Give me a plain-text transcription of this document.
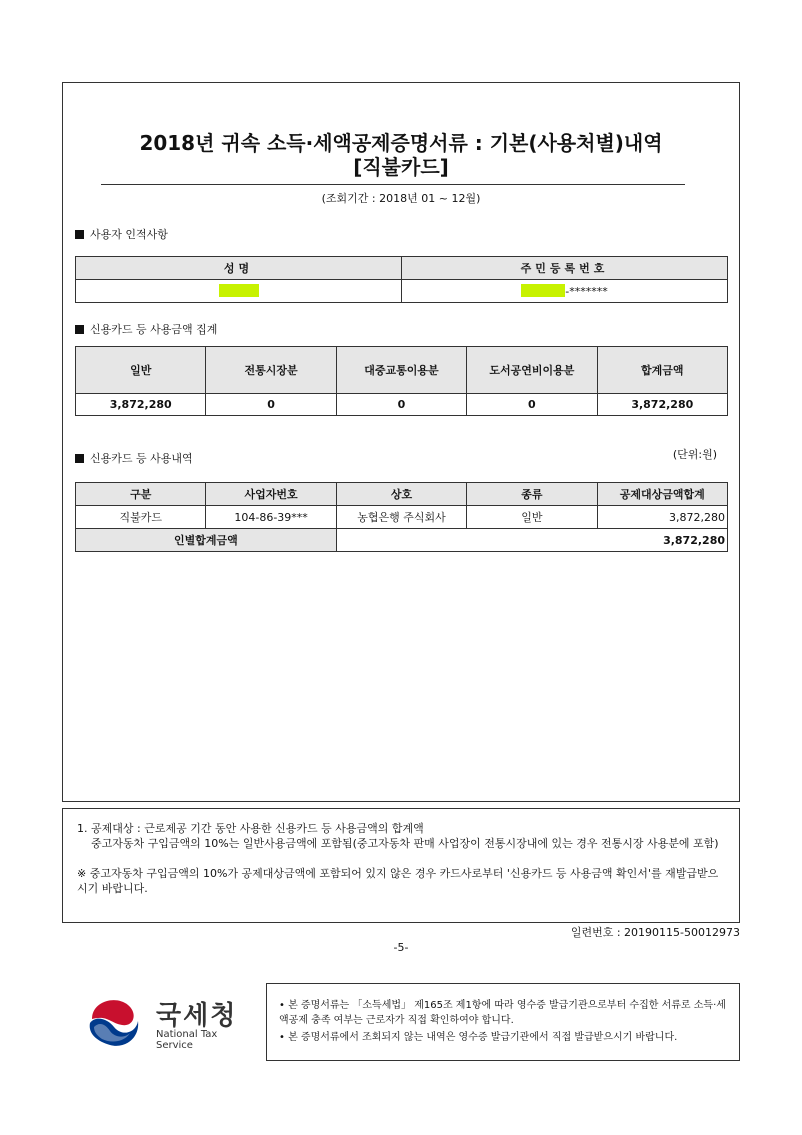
2018년 귀속 소득·세액공제증명서류 : 기본(사용처별)내역
[직불카드]
(조회기간 : 2018년 01 ~ 12월)
사용자 인적사항
성명	주민등록번호
	-*******
신용카드 등 사용금액 집계
일반	전통시장분	대중교통이용분	도서공연비이용분	합계금액
3,872,280	0	0	0	3,872,280
신용카드 등 사용내역	(단위:원)
구분	사업자번호	상호	종류	공제대상금액합계
직불카드	104-86-39***	농협은행 주식회사	일반	3,872,280
인별합계금액		3,872,280		
1. 공제대상 : 근로제공 기간 동안 사용한 신용카드 등 사용금액의 합계액
중고자동차 구입금액의 10%는 일반사용금액에 포함됨(중고자동차 판매 사업장이 전통시장내에 있는 경우 전통시장 사용분에 포함)
※ 중고자동차 구입금액의 10%가 공제대상금액에 포함되어 있지 않은 경우 카드사로부터 '신용카드 등 사용금액 확인서'를 재발급받으시기 바랍니다.
일련번호 : 20190115-50012973
-5-
국세청
National Tax Service
• 본 증명서류는 「소득세법」 제165조 제1항에 따라 영수증 발급기관으로부터 수집한 서류로 소득·세액공제 충족 여부는 근로자가 직접 확인하여야 합니다.
• 본 증명서류에서 조회되지 않는 내역은 영수증 발급기관에서 직접 발급받으시기 바랍니다.
